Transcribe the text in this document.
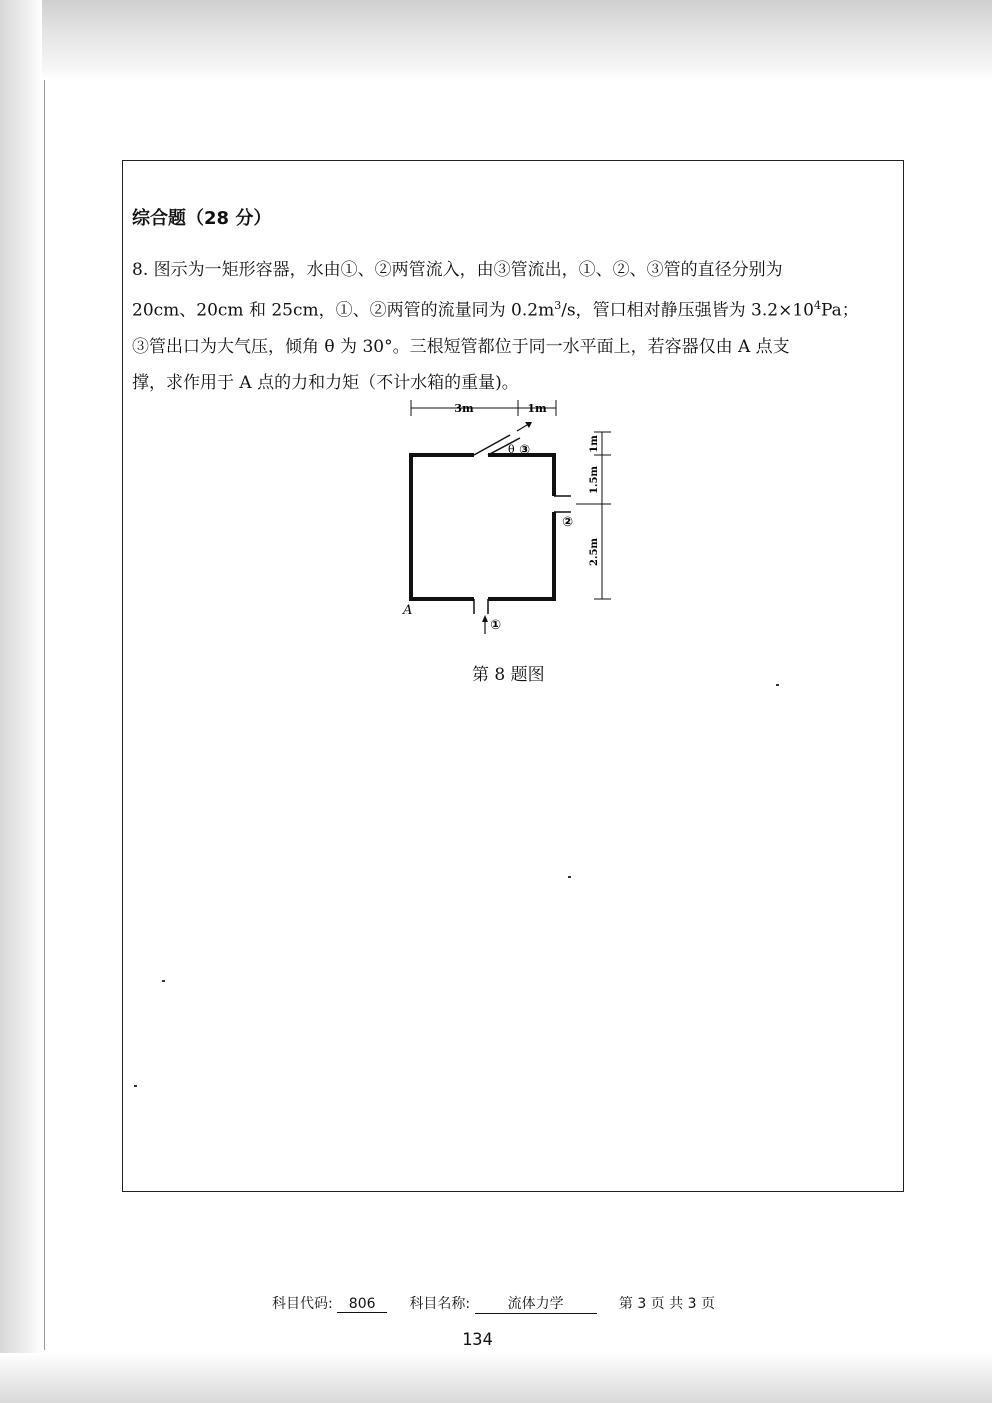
综合题（28 分）
8. 图示为一矩形容器，水由①、②两管流入，由③管流出，①、②、③管的直径分别为
20cm、20cm 和 25cm，①、②两管的流量同为 $0.2m^3/s$，管口相对静压强皆为 $3.2\times 10^4Pa$；
③管出口为大气压，倾角 θ 为 30°。三根短管都位于同一水平面上，若容器仅由 A 点支
撑，求作用于 A 点的力和力矩（不计水箱的重量)。
3m	1m
1m
1.5m
2.5m
θ ③
②
①
A
第 8 题图
科目代码: 806 科目名称:	流体力学	第 3 页 共 3 页
134
